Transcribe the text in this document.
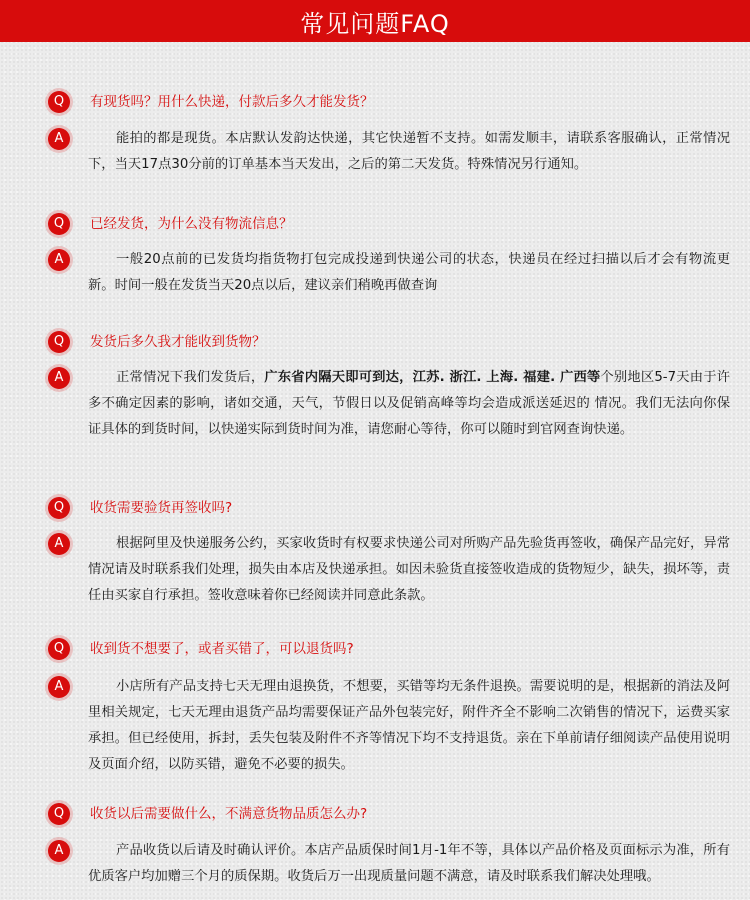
常见问题FAQ
Q	有现货吗？用什么快递，付款后多久才能发货？
A	能拍的都是现货。本店默认发韵达快递，其它快递暂不支持。如需发顺丰，请联系客服确认，正常情况下，当天17点30分前的订单基本当天发出，之后的第二天发货。特殊情况另行通知。
Q	已经发货，为什么没有物流信息？
A	一般20点前的已发货均指货物打包完成投递到快递公司的状态，快递员在经过扫描以后才会有物流更新。时间一般在发货当天20点以后，建议亲们稍晚再做查询
Q	发货后多久我才能收到货物？
A	正常情况下我们发货后，广东省内隔天即可到达，江苏. 浙江. 上海. 福建. 广西等个别地区5-7天由于许多不确定因素的影响，诸如交通，天气，节假日以及促销高峰等均会造成派送延迟的 情况。我们无法向你保证具体的到货时间，以快递实际到货时间为准，请您耐心等待，你可以随时到官网查询快递。
Q	收货需要验货再签收吗?
A	根据阿里及快递服务公约，买家收货时有权要求快递公司对所购产品先验货再签收，确保产品完好，异常情况请及时联系我们处理，损失由本店及快递承担。如因未验货直接签收造成的货物短少，缺失，损坏等，责任由买家自行承担。签收意味着你已经阅读并同意此条款。
Q	收到货不想要了，或者买错了，可以退货吗?
A	小店所有产品支持七天无理由退换货，不想要，买错等均无条件退换。需要说明的是，根据新的消法及阿里相关规定，七天无理由退货产品均需要保证产品外包装完好，附件齐全不影响二次销售的情况下，运费买家承担。但已经使用，拆封，丢失包装及附件不齐等情况下均不支持退货。亲在下单前请仔细阅读产品使用说明及页面介绍，以防买错，避免不必要的损失。
Q	收货以后需要做什么，不满意货物品质怎么办?
A	产品收货以后请及时确认评价。本店产品质保时间1月-1年不等，具体以产品价格及页面标示为准，所有优质客户均加赠三个月的质保期。收货后万一出现质量问题不满意，请及时联系我们解决处理哦。
